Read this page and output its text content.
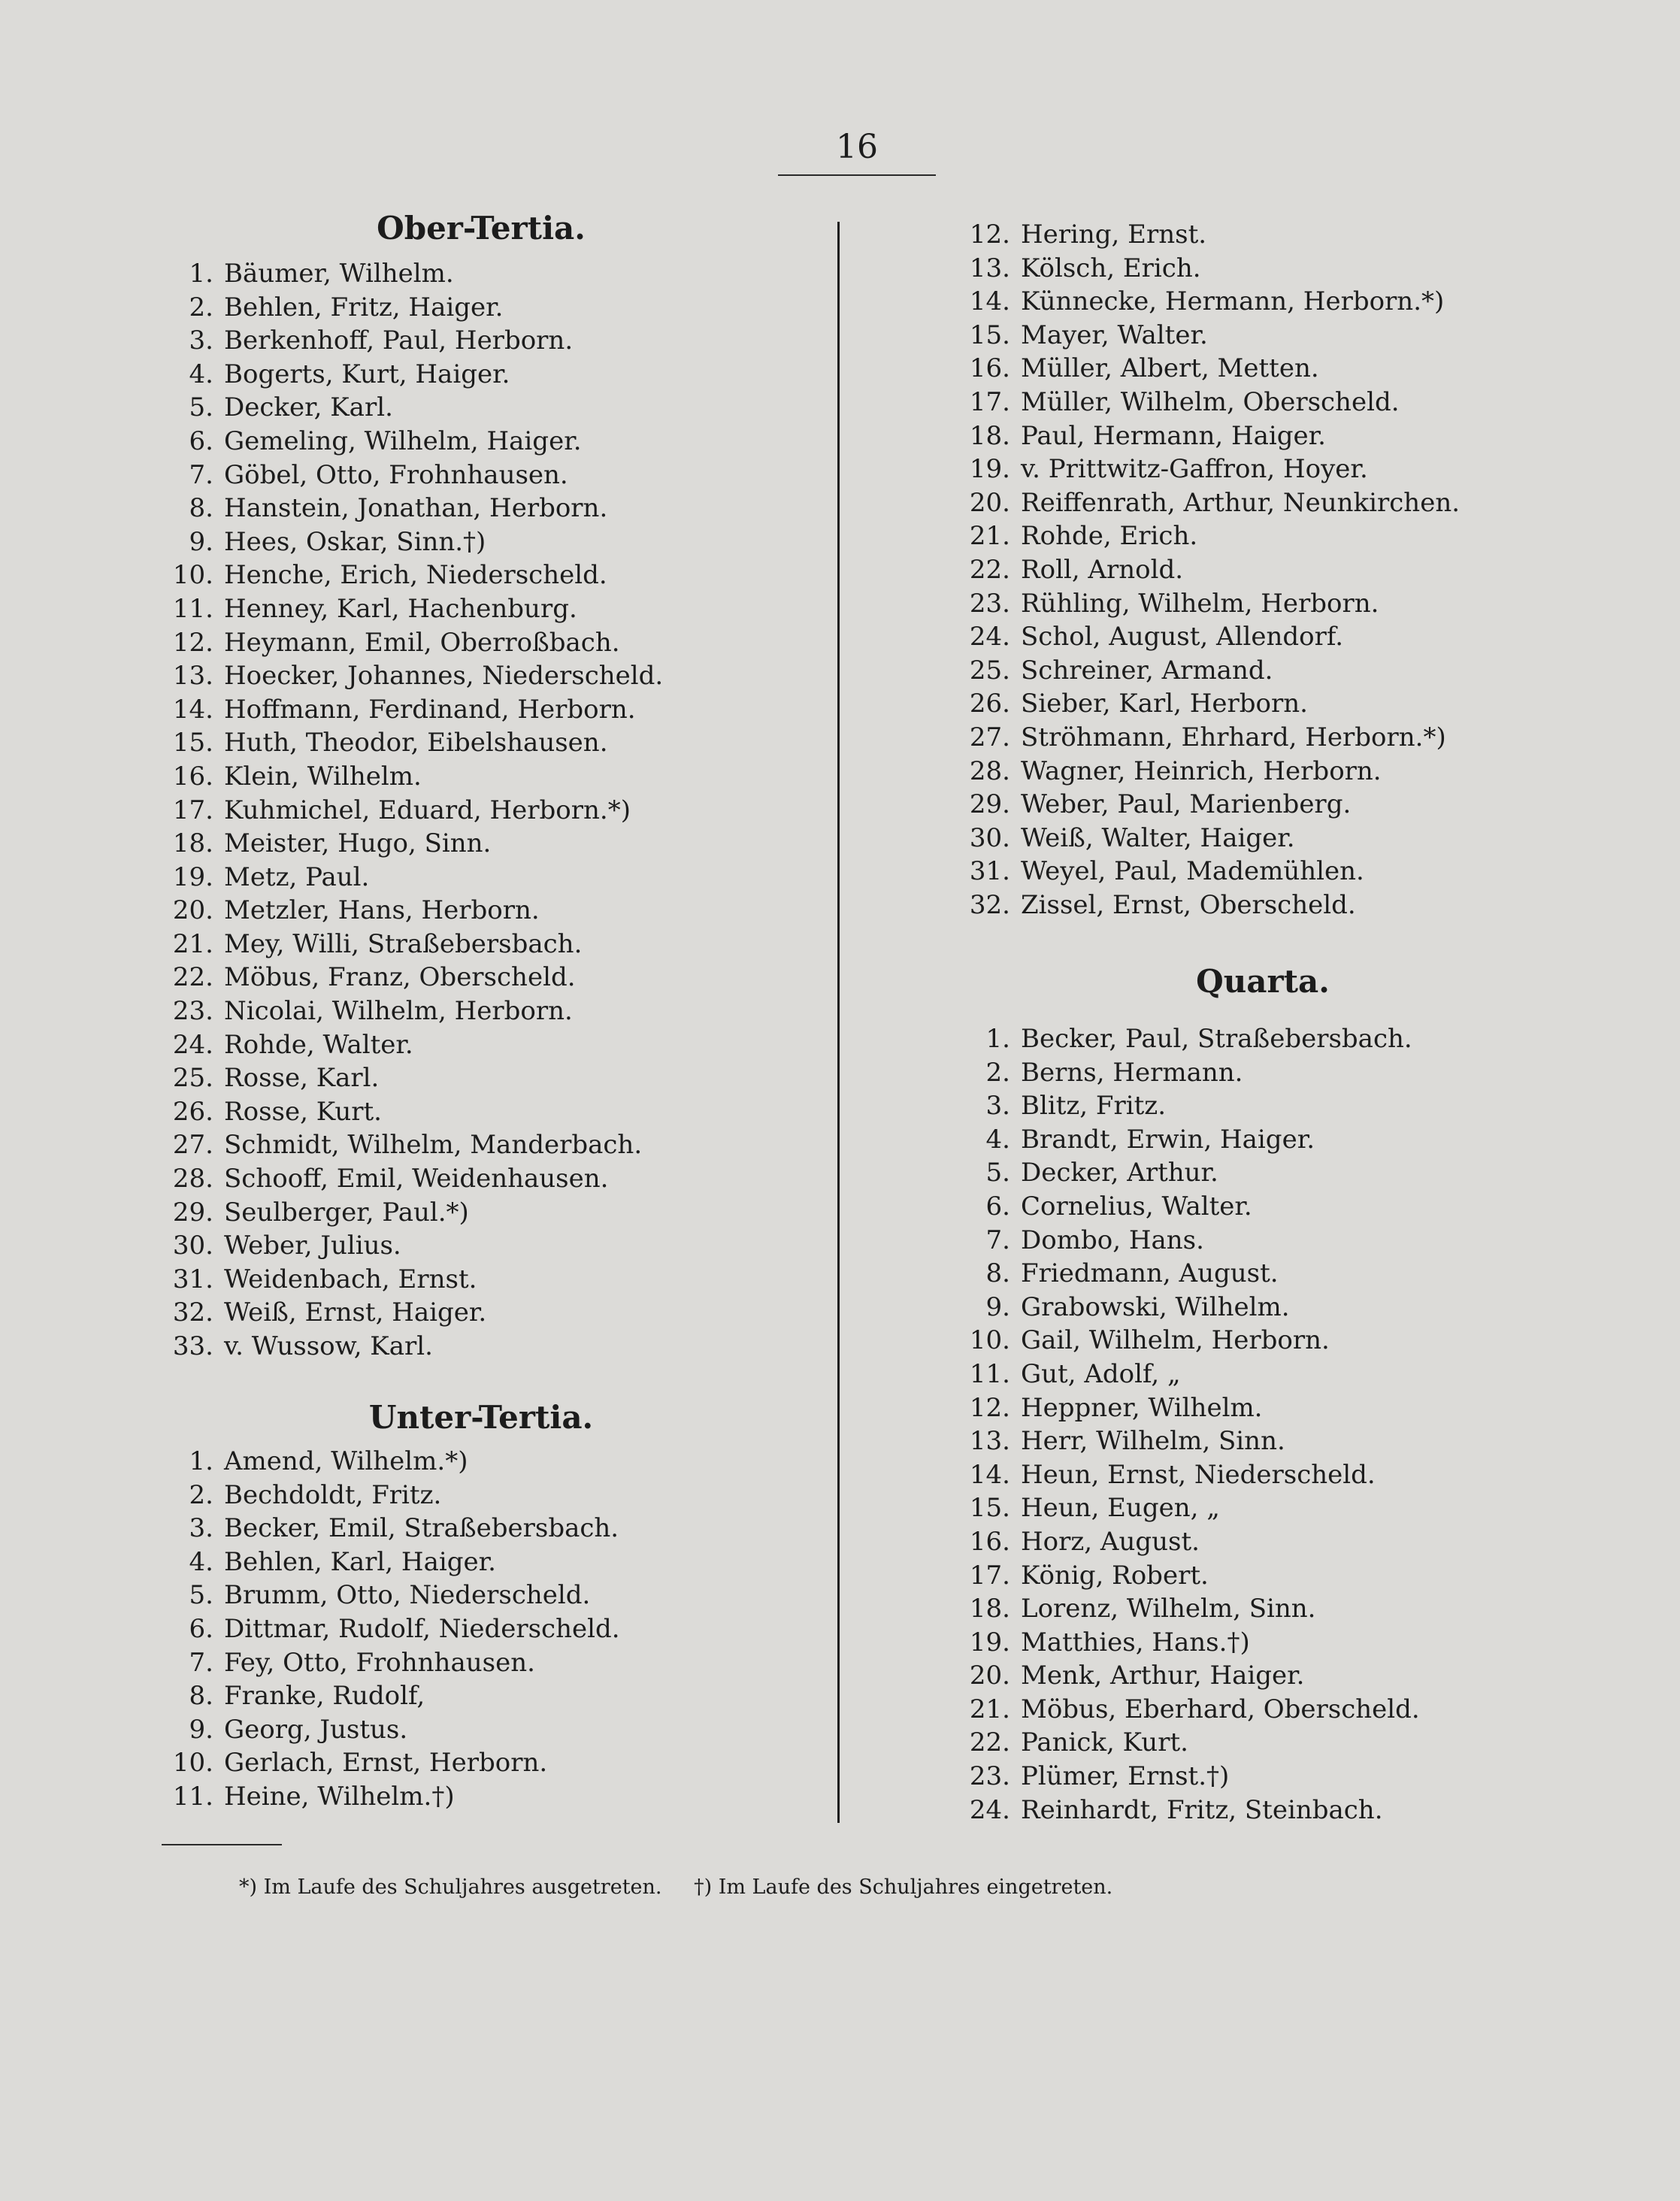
16
Ober-Tertia.
1. Bäumer, Wilhelm.
2. Behlen, Fritz, Haiger.
3. Berkenhoff, Paul, Herborn.
4. Bogerts, Kurt, Haiger.
5. Decker, Karl.
6. Gemeling, Wilhelm, Haiger.
7. Göbel, Otto, Frohnhausen.
8. Hanstein, Jonathan, Herborn.
9. Hees, Oskar, Sinn.†)
10. Henche, Erich, Niederscheld.
11. Henney, Karl, Hachenburg.
12. Heymann, Emil, Oberroßbach.
13. Hoecker, Johannes, Niederscheld.
14. Hoffmann, Ferdinand, Herborn.
15. Huth, Theodor, Eibelshausen.
16. Klein, Wilhelm.
17. Kuhmichel, Eduard, Herborn.*)
18. Meister, Hugo, Sinn.
19. Metz, Paul.
20. Metzler, Hans, Herborn.
21. Mey, Willi, Straßebersbach.
22. Möbus, Franz, Oberscheld.
23. Nicolai, Wilhelm, Herborn.
24. Rohde, Walter.
25. Rosse, Karl.
26. Rosse, Kurt.
27. Schmidt, Wilhelm, Manderbach.
28. Schooff, Emil, Weidenhausen.
29. Seulberger, Paul.*)
30. Weber, Julius.
31. Weidenbach, Ernst.
32. Weiß, Ernst, Haiger.
33. v. Wussow, Karl.
Unter-Tertia.
1. Amend, Wilhelm.*)
2. Bechdoldt, Fritz.
3. Becker, Emil, Straßebersbach.
4. Behlen, Karl, Haiger.
5. Brumm, Otto, Niederscheld.
6. Dittmar, Rudolf, Niederscheld.
7. Fey, Otto, Frohnhausen.
8. Franke, Rudolf,
9. Georg, Justus.
10. Gerlach, Ernst, Herborn.
11. Heine, Wilhelm.†)
12. Hering, Ernst.
13. Kölsch, Erich.
14. Künnecke, Hermann, Herborn.*)
15. Mayer, Walter.
16. Müller, Albert, Metten.
17. Müller, Wilhelm, Oberscheld.
18. Paul, Hermann, Haiger.
19. v. Prittwitz-Gaffron, Hoyer.
20. Reiffenrath, Arthur, Neunkirchen.
21. Rohde, Erich.
22. Roll, Arnold.
23. Rühling, Wilhelm, Herborn.
24. Schol, August, Allendorf.
25. Schreiner, Armand.
26. Sieber, Karl, Herborn.
27. Ströhmann, Ehrhard, Herborn.*)
28. Wagner, Heinrich, Herborn.
29. Weber, Paul, Marienberg.
30. Weiß, Walter, Haiger.
31. Weyel, Paul, Mademühlen.
32. Zissel, Ernst, Oberscheld.
Quarta.
1. Becker, Paul, Straßebersbach.
2. Berns, Hermann.
3. Blitz, Fritz.
4. Brandt, Erwin, Haiger.
5. Decker, Arthur.
6. Cornelius, Walter.
7. Dombo, Hans.
8. Friedmann, August.
9. Grabowski, Wilhelm.
10. Gail, Wilhelm, Herborn.
11. Gut, Adolf, „
12. Heppner, Wilhelm.
13. Herr, Wilhelm, Sinn.
14. Heun, Ernst, Niederscheld.
15. Heun, Eugen, „
16. Horz, August.
17. König, Robert.
18. Lorenz, Wilhelm, Sinn.
19. Matthies, Hans.†)
20. Menk, Arthur, Haiger.
21. Möbus, Eberhard, Oberscheld.
22. Panick, Kurt.
23. Plümer, Ernst.†)
24. Reinhardt, Fritz, Steinbach.
*) Im Laufe des Schuljahres ausgetreten. †) Im Laufe des Schuljahres eingetreten.
